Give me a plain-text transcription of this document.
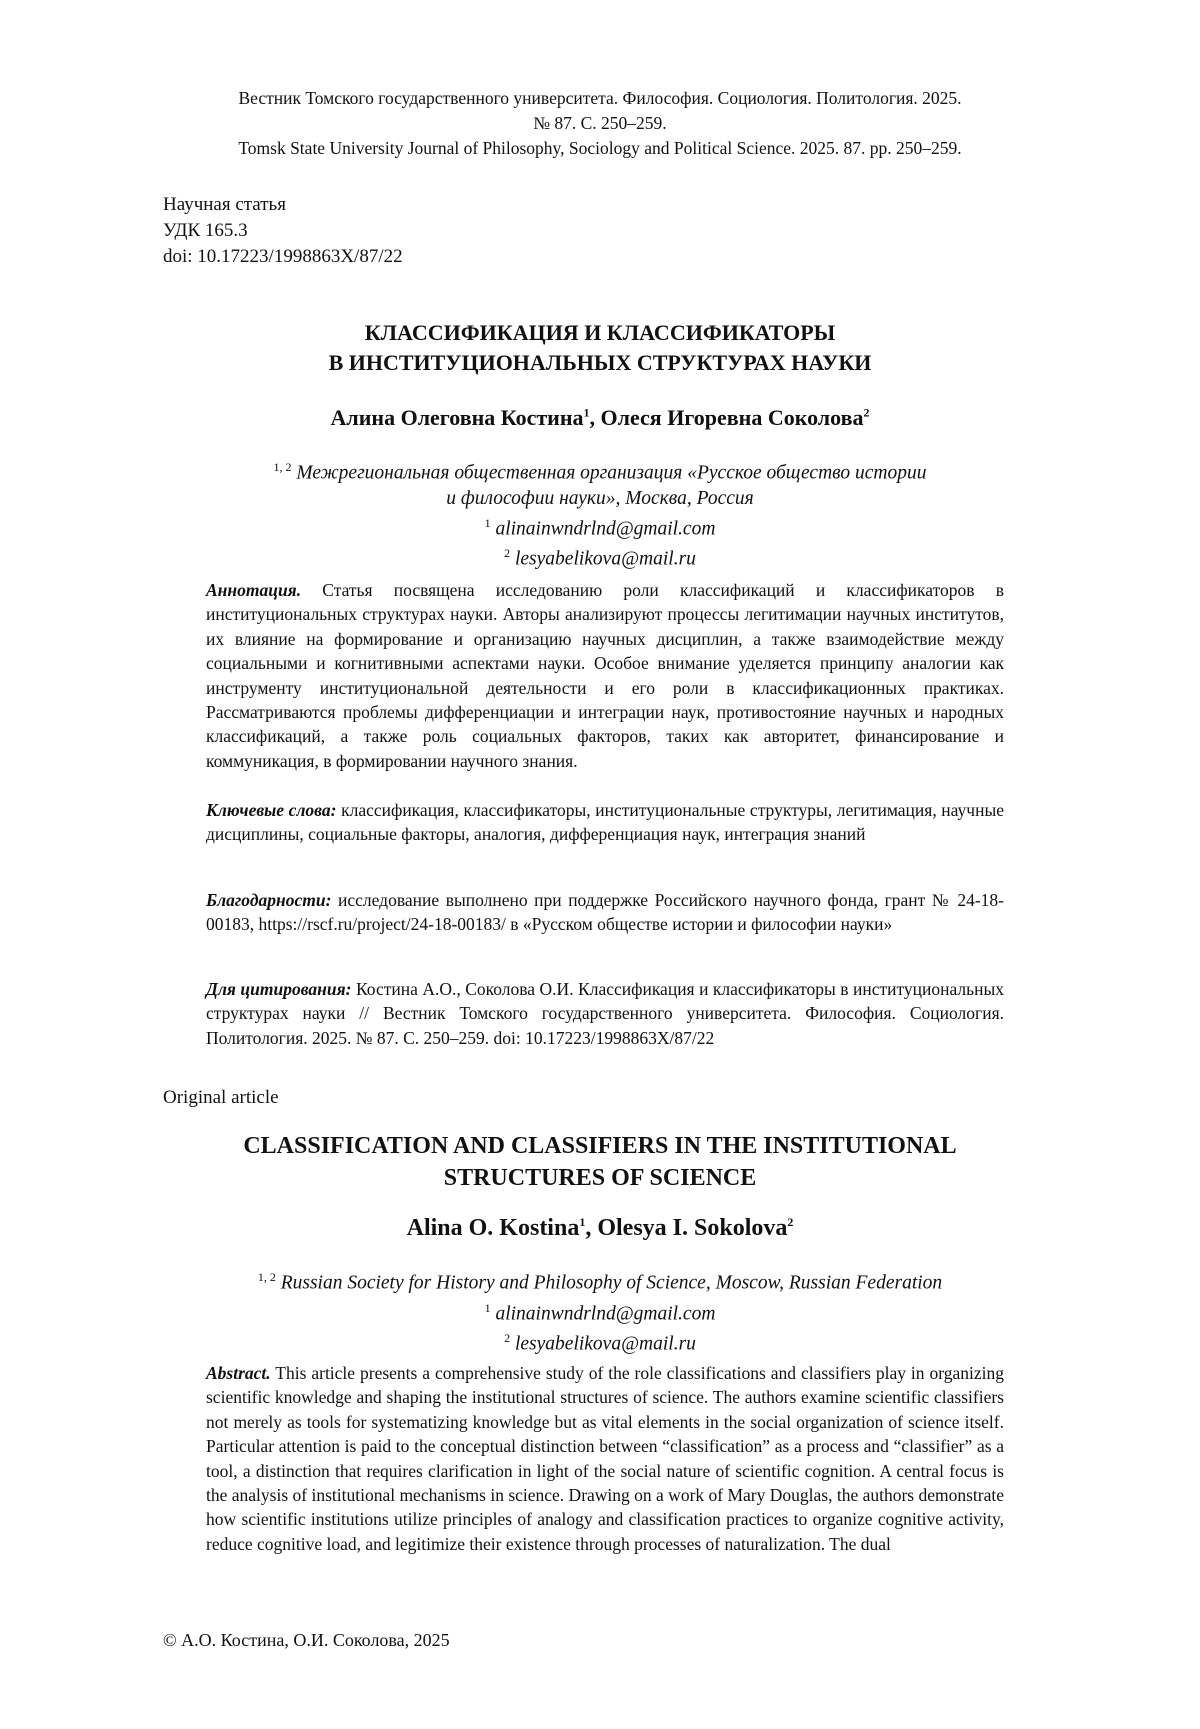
Вестник Томского государственного университета. Философия. Социология. Политология. 2025.
№ 87. С. 250–259.
Tomsk State University Journal of Philosophy, Sociology and Political Science. 2025. 87. pp. 250–259.
Научная статья
УДК 165.3
doi: 10.17223/1998863X/87/22
КЛАССИФИКАЦИЯ И КЛАССИФИКАТОРЫ
В ИНСТИТУЦИОНАЛЬНЫХ СТРУКТУРАХ НАУКИ
Алина Олеговна Костина$^1$, Олеся Игоревна Соколова$^2$
$^{1, 2}$ Межрегиональная общественная организация «Русское общество истории
и философии науки», Москва, Россия
$^1$ alinainwndrlnd@gmail.com
$^2$ lesyabelikova@mail.ru
Аннотация. Статья посвящена исследованию роли классификаций и классификаторов в институциональных структурах науки. Авторы анализируют процессы легитимации научных институтов, их влияние на формирование и организацию научных дисциплин, а также взаимодействие между социальными и когнитивными аспектами науки. Особое внимание уделяется принципу аналогии как инструменту институциональной деятельности и его роли в классификационных практиках. Рассматриваются проблемы дифференциации и интеграции наук, противостояние научных и народных классификаций, а также роль социальных факторов, таких как авторитет, финансирование и коммуникация, в формировании научного знания.
Ключевые слова: классификация, классификаторы, институциональные структуры, легитимация, научные дисциплины, социальные факторы, аналогия, дифференциация наук, интеграция знаний
Благодарности: исследование выполнено при поддержке Российского научного фонда, грант № 24-18-00183, https://rscf.ru/project/24-18-00183/ в «Русском обществе истории и философии науки»
Для цитирования: Костина А.О., Соколова О.И. Классификация и классификаторы в институциональных структурах науки // Вестник Томского государственного университета. Философия. Социология. Политология. 2025. № 87. С. 250–259. doi: 10.17223/1998863X/87/22
Original article
CLASSIFICATION AND CLASSIFIERS IN THE INSTITUTIONAL
STRUCTURES OF SCIENCE
Alina O. Kostina$^1$, Olesya I. Sokolova$^2$
$^{1, 2}$ Russian Society for History and Philosophy of Science, Moscow, Russian Federation
$^1$ alinainwndrlnd@gmail.com
$^2$ lesyabelikova@mail.ru
Abstract. This article presents a comprehensive study of the role classifications and classifiers play in organizing scientific knowledge and shaping the institutional structures of science. The authors examine scientific classifiers not merely as tools for systematizing knowledge but as vital elements in the social organization of science itself. Particular attention is paid to the conceptual distinction between “classification” as a process and “classifier” as a tool, a distinction that requires clarification in light of the social nature of scientific cognition. A central focus is the analysis of institutional mechanisms in science. Drawing on a work of Mary Douglas, the authors demonstrate how scientific institutions utilize principles of analogy and classification practices to organize cognitive activity, reduce cognitive load, and legitimize their existence through processes of naturalization. The dual
© А.О. Костина, О.И. Соколова, 2025
